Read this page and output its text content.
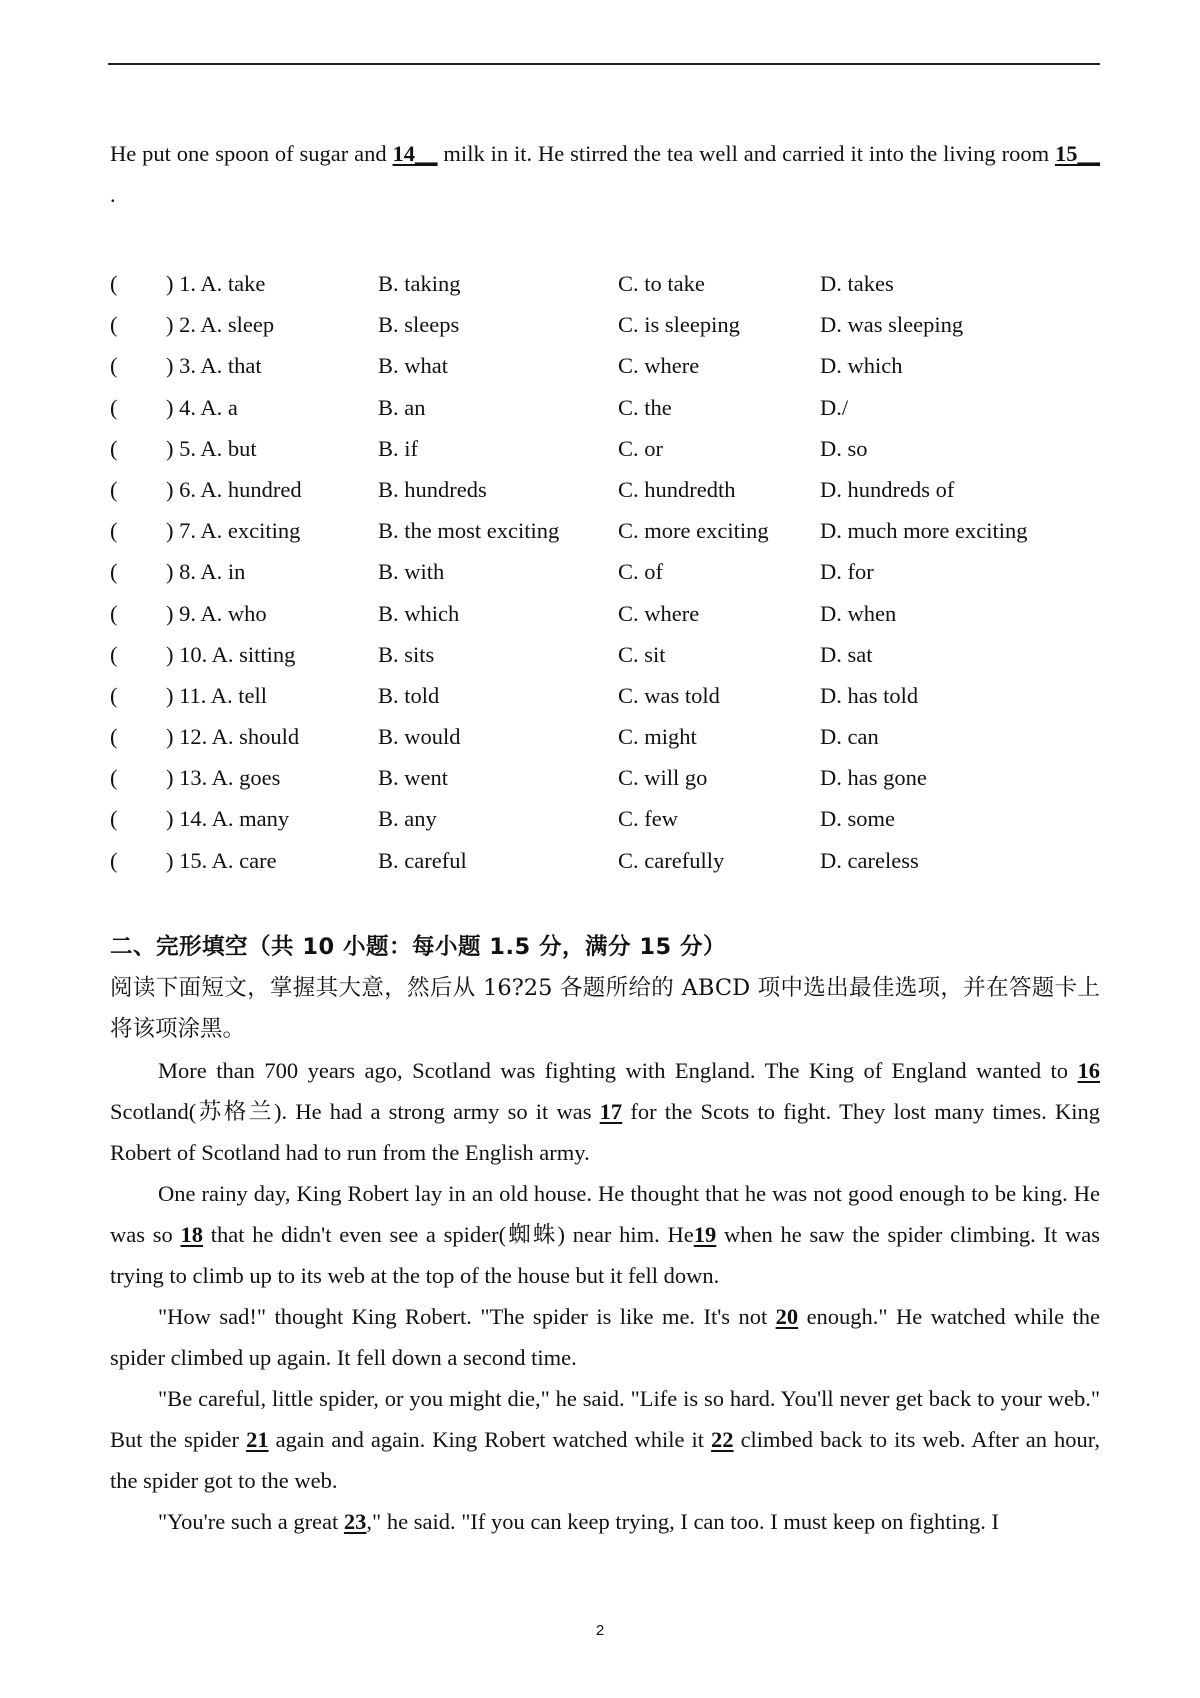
He put one spoon of sugar and 14__ milk in it. He stirred the tea well and carried it into the living room 15__ .

( ) 1. A. take	B. taking	C. to take	D. takes
( ) 2. A. sleep	B. sleeps	C. is sleeping	D. was sleeping
( ) 3. A. that	B. what	C. where	D. which
( ) 4. A. a	B. an	C. the	D./
( ) 5. A. but	B. if	C. or	D. so
( ) 6. A. hundred	B. hundreds	C. hundredth	D. hundreds of
( ) 7. A. exciting	B. the most exciting	C. more exciting D. much more exciting
( ) 8. A. in	B. with	C. of	D. for
( ) 9. A. who	B. which	C. where	D. when
( ) 10. A. sitting	B. sits	C. sit	D. sat
( ) 11. A. tell	B. told	C. was told	D. has told
( ) 12. A. should	B. would	C. might	D. can
( ) 13. A. goes	B. went	C. will go	D. has gone
( ) 14. A. many	B. any	C. few	D. some
( ) 15. A. care	B. careful	C. carefully	D. careless
二、完形填空（共 10 小题：每小题 1.5 分，满分 15 分）
阅读下面短文，掌握其大意，然后从 16?25 各题所给的 ABCD 项中选出最佳选项，并在答题卡上将该项涂黑。

More than 700 years ago, Scotland was fighting with England. The King of England wanted to 16 Scotland(苏格兰). He had a strong army so it was 17 for the Scots to fight. They lost many times. King Robert of Scotland had to run from the English army.

One rainy day, King Robert lay in an old house. He thought that he was not good enough to be king. He was so 18 that he didn't even see a spider(蜘蛛) near him. He19 when he saw the spider climbing. It was trying to climb up to its web at the top of the house but it fell down.

"How sad!" thought King Robert. "The spider is like me. It's not 20 enough." He watched while the spider climbed up again. It fell down a second time.

"Be careful, little spider, or you might die," he said. "Life is so hard. You'll never get back to your web." But the spider 21 again and again. King Robert watched while it 22 climbed back to its web. After an hour, the spider got to the web.

"You're such a great 23," he said. "If you can keep trying, I can too. I must keep on fighting. I

2
